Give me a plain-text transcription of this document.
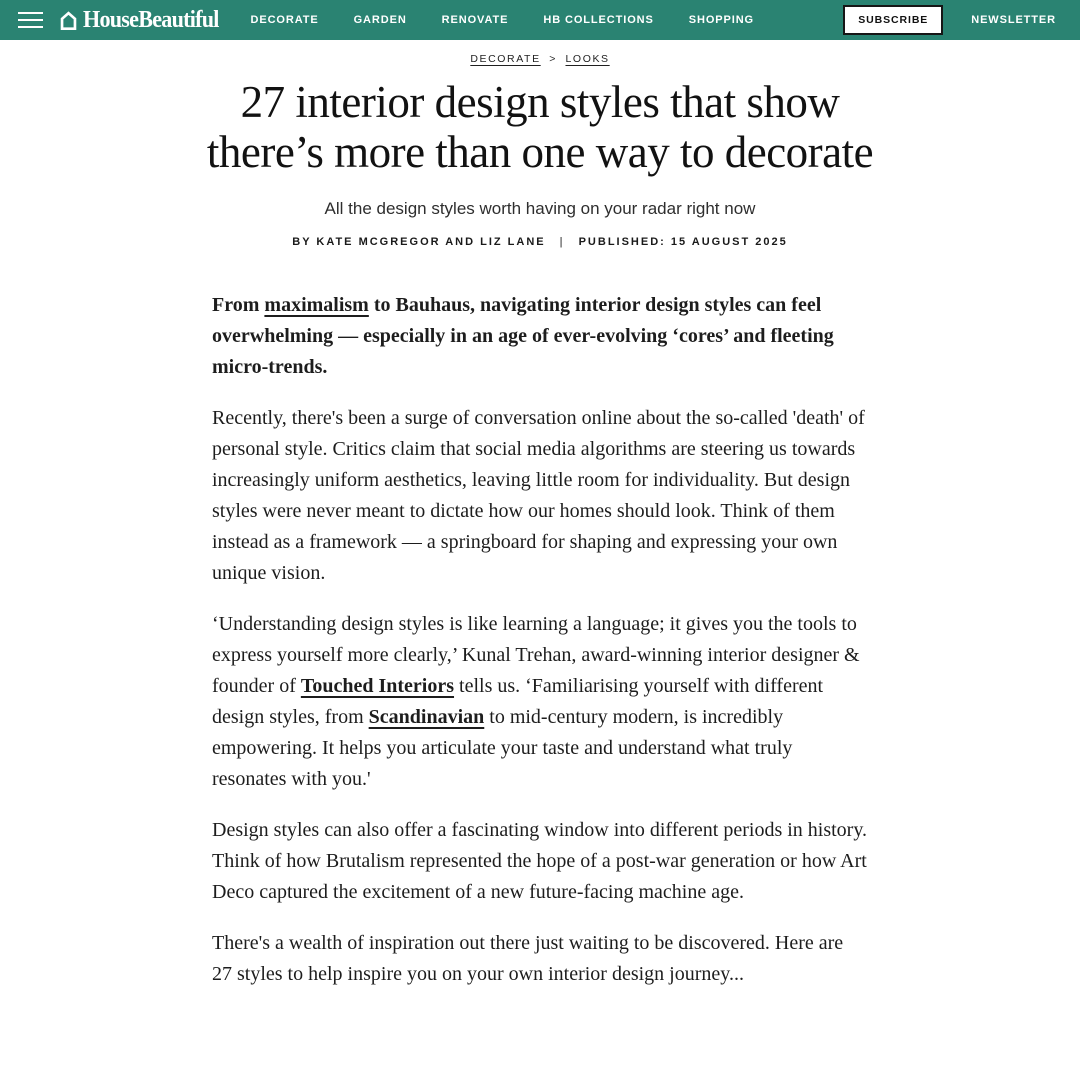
HouseBeautiful	DECORATE	GARDEN	RENOVATE	HB COLLECTIONS	SHOPPING	SUBSCRIBE	NEWSLETTER
DECORATE > LOOKS
27 interior design styles that show there’s more than one way to decorate

All the design styles worth having on your radar right now

BY KATE MCGREGOR AND LIZ LANE | PUBLISHED: 15 AUGUST 2025

From maximalism to Bauhaus, navigating interior design styles can feel overwhelming — especially in an age of ever-evolving ‘cores’ and fleeting micro-trends.

Recently, there's been a surge of conversation online about the so-called 'death' of personal style. Critics claim that social media algorithms are steering us towards increasingly uniform aesthetics, leaving little room for individuality. But design styles were never meant to dictate how our homes should look. Think of them instead as a framework — a springboard for shaping and expressing your own unique vision.

‘Understanding design styles is like learning a language; it gives you the tools to express yourself more clearly,’ Kunal Trehan, award-winning interior designer & founder of Touched Interiors tells us. ‘Familiarising yourself with different design styles, from Scandinavian to mid-century modern, is incredibly empowering. It helps you articulate your taste and understand what truly resonates with you.'

Design styles can also offer a fascinating window into different periods in history. Think of how Brutalism represented the hope of a post-war generation or how Art Deco captured the excitement of a new future-facing machine age.

There's a wealth of inspiration out there just waiting to be discovered. Here are 27 styles to help inspire you on your own interior design journey...
